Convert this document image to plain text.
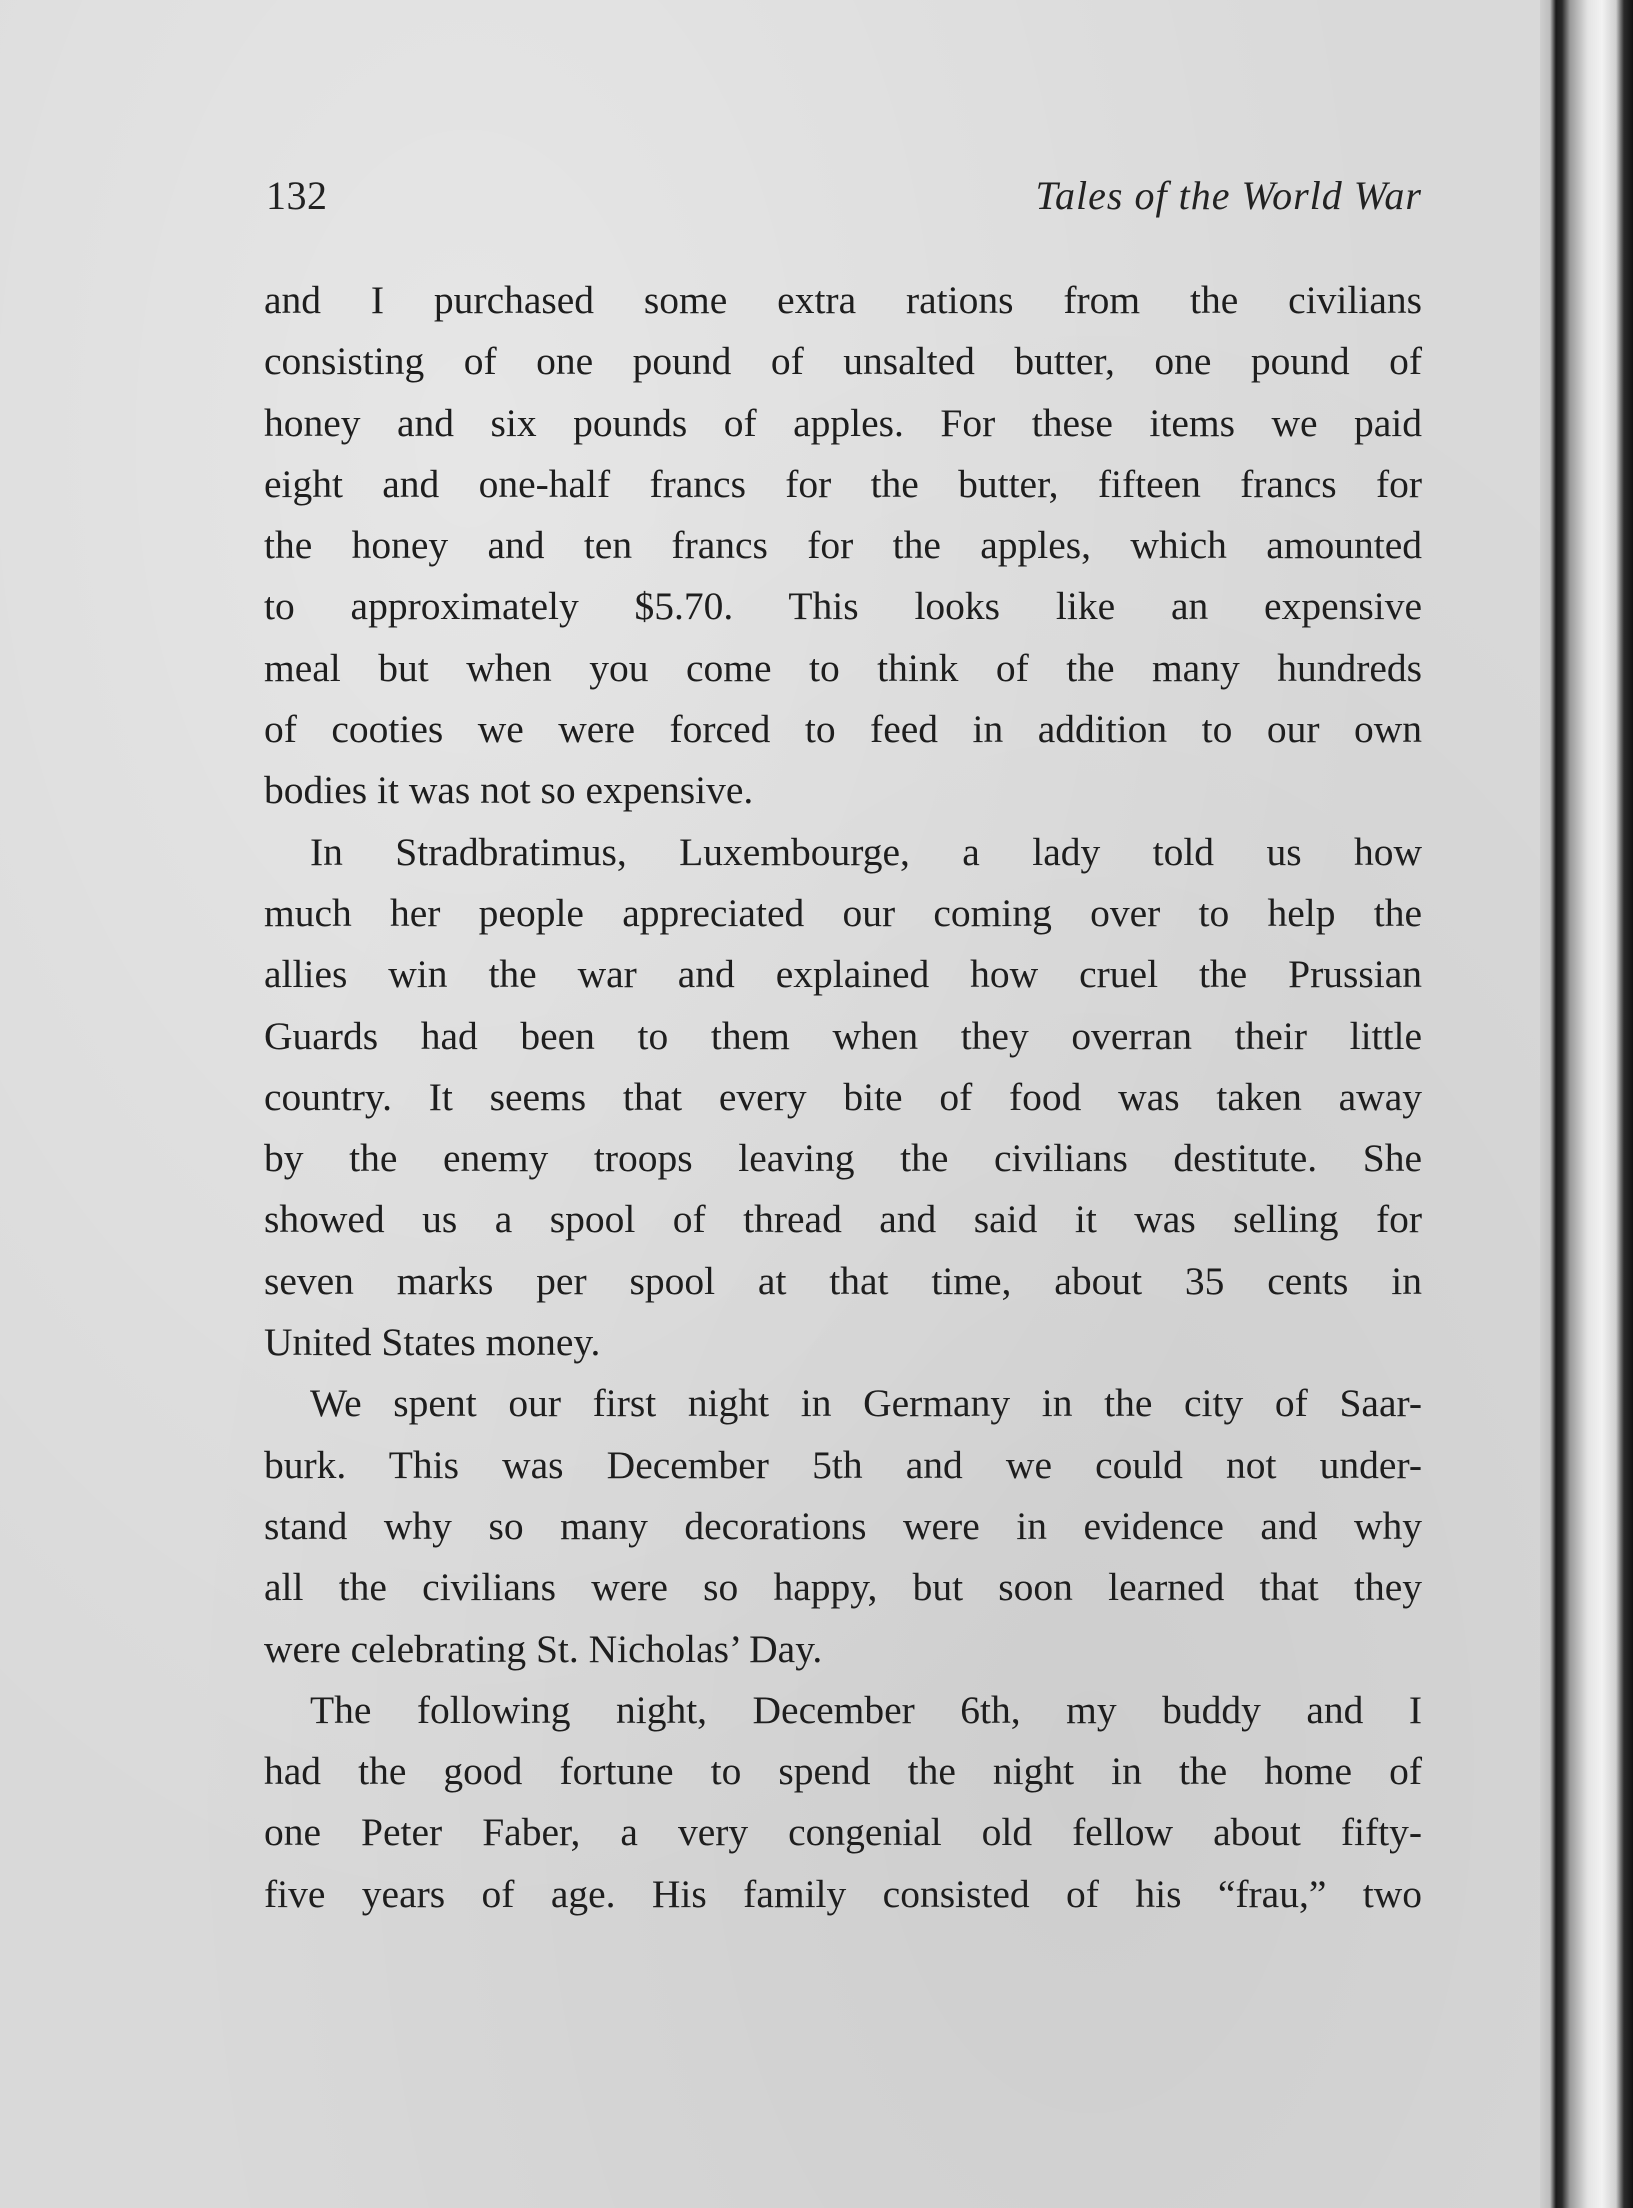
132	Tales of the World War
and I purchased some extra rations from the civilians
consisting of one pound of unsalted butter, one pound of
honey and six pounds of apples. For these items we paid
eight and one-half francs for the butter, fifteen francs for
the honey and ten francs for the apples, which amounted
to approximately $5.70. This looks like an expensive
meal but when you come to think of the many hundreds
of cooties we were forced to feed in addition to our own
bodies it was not so expensive.
In Stradbratimus, Luxembourge, a lady told us how
much her people appreciated our coming over to help the
allies win the war and explained how cruel the Prussian
Guards had been to them when they overran their little
country. It seems that every bite of food was taken away
by the enemy troops leaving the civilians destitute. She
showed us a spool of thread and said it was selling for
seven marks per spool at that time, about 35 cents in
United States money.
We spent our first night in Germany in the city of Saar-
burk. This was December 5th and we could not under-
stand why so many decorations were in evidence and why
all the civilians were so happy, but soon learned that they
were celebrating St. Nicholas’ Day.
The following night, December 6th, my buddy and I
had the good fortune to spend the night in the home of
one Peter Faber, a very congenial old fellow about fifty-
five years of age. His family consisted of his “frau,” two
